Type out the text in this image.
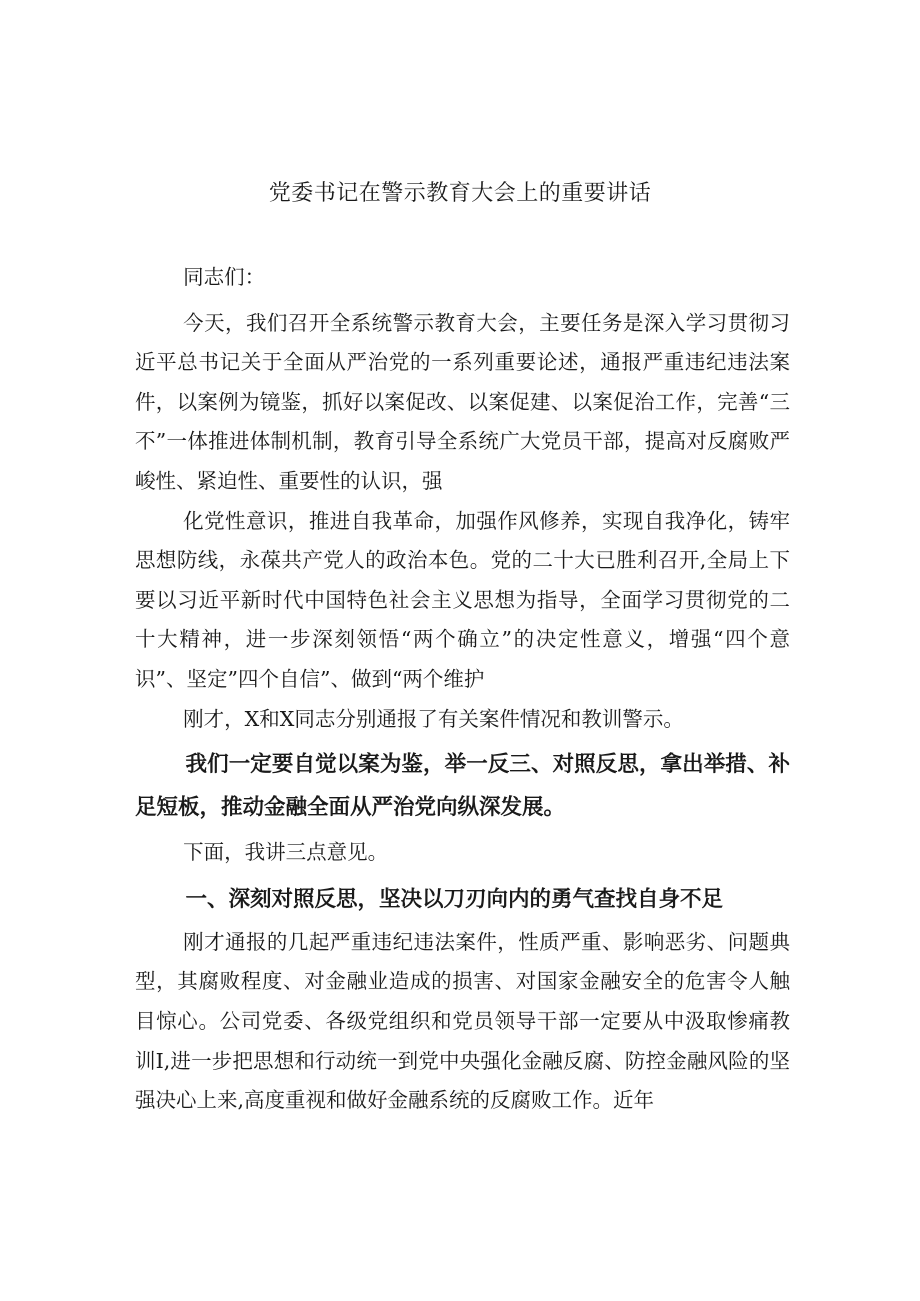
党委书记在警示教育大会上的重要讲话

同志们：

今天，我们召开全系统警示教育大会，主要任务是深入学习贯彻习近平总书记关于全面从严治党的一系列重要论述，通报严重违纪违法案件，以案例为镜鉴，抓好以案促改、以案促建、以案促治工作，完善“三不”一体推进体制机制，教育引导全系统广大党员干部，提高对反腐败严峻性、紧迫性、重要性的认识，强

化党性意识，推进自我革命，加强作风修养，实现自我净化，铸牢思想防线，永葆共产党人的政治本色。党的二十大已胜利召开,全局上下要以习近平新时代中国特色社会主义思想为指导，全面学习贯彻党的二十大精神，进一步深刻领悟“两个确立”的决定性意义，增强“四个意识”、坚定”四个自信”、做到“两个维护

刚才，X和X同志分别通报了有关案件情况和教训警示。

我们一定要自觉以案为鉴，举一反三、对照反思，拿出举措、补足短板，推动金融全面从严治党向纵深发展。

下面，我讲三点意见。

一、深刻对照反思，坚决以刀刃向内的勇气查找自身不足

刚才通报的几起严重违纪违法案件，性质严重、影响恶劣、问题典型，其腐败程度、对金融业造成的损害、对国家金融安全的危害令人触目惊心。公司党委、各级党组织和党员领导干部一定要从中汲取惨痛教训I,进一步把思想和行动统一到党中央强化金融反腐、防控金融风险的坚强决心上来,高度重视和做好金融系统的反腐败工作。近年
